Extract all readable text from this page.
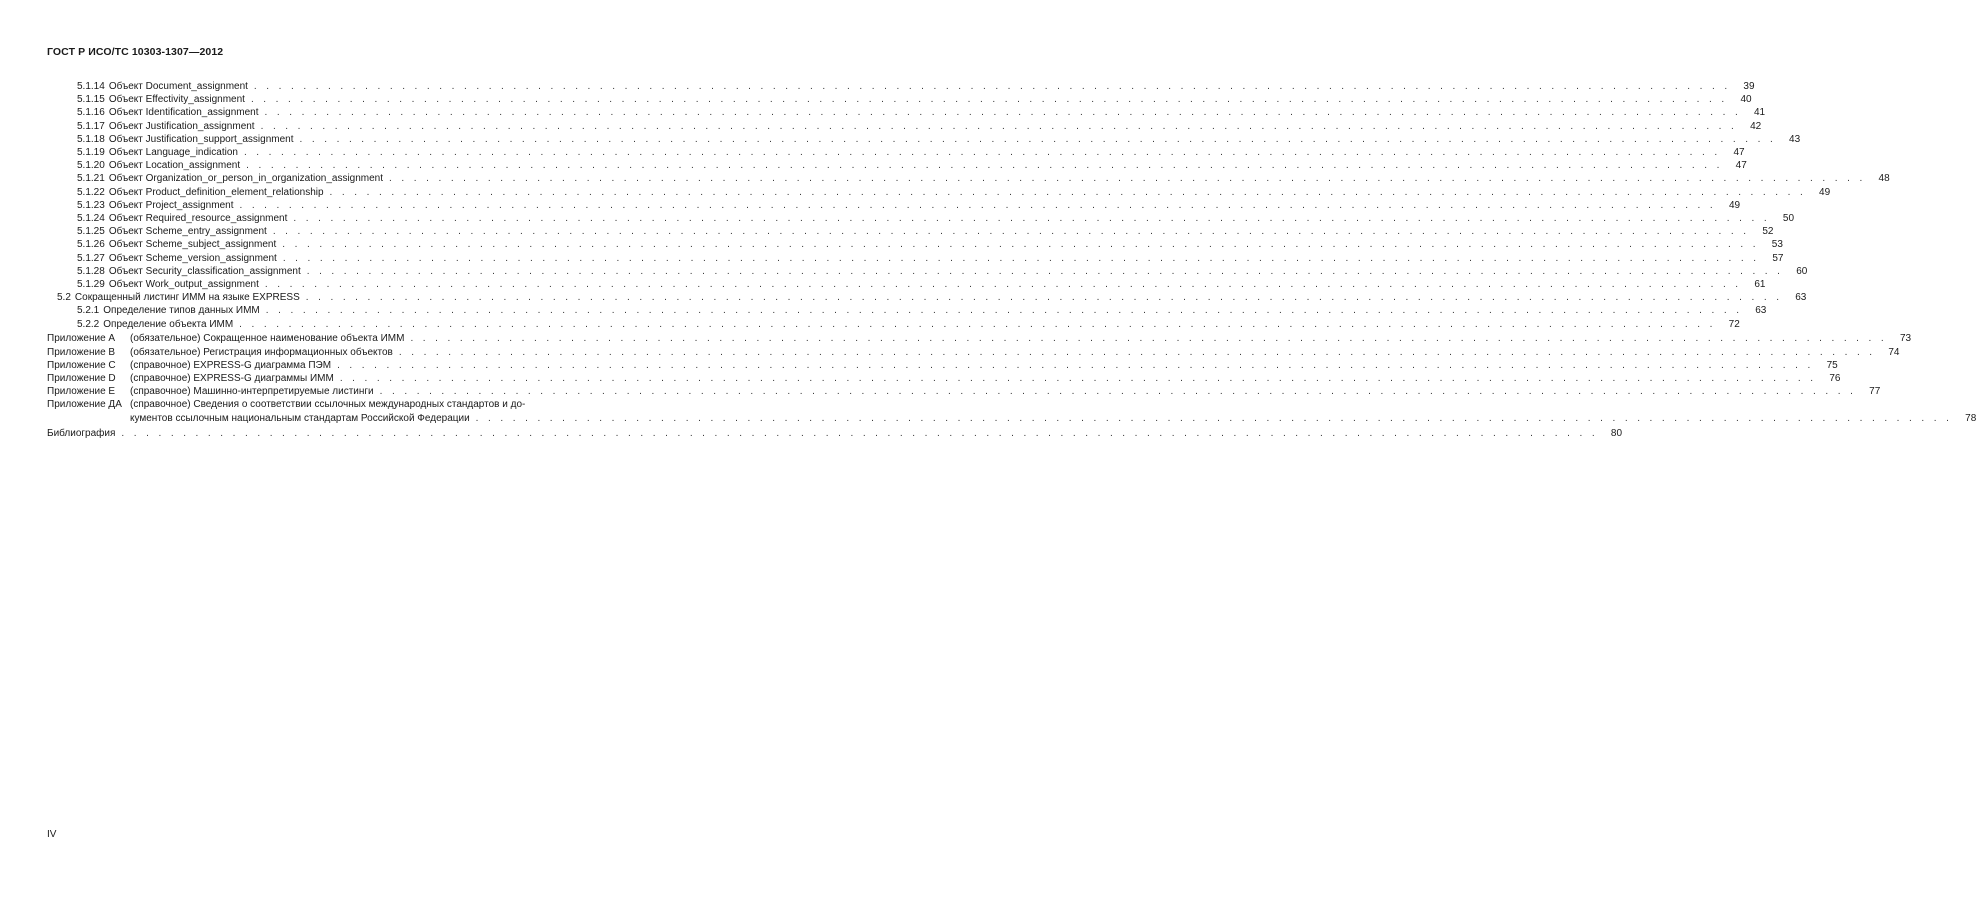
ГОСТ Р ИСО/ТС 10303-1307—2012
5.1.14 Объект Document_assignment . . . . . . . . . . . . . . . . . . . . . . . . . . . . . . . . . . . . . . . . . . . . . . . . . . . . . . . . . . . . . . . . . . . . . . . . . . . . . . . . . . . . . . . . . . . . . . . . . . . . . . . . . . . . . . . . . . . . . . . .	39
5.1.15 Объект Effectivity_assignment . . . . . . . . . . . . . . . . . . . . . . . . . . . . . . . . . . . . . . . . . . . . . . . . . . . . . . . . . . . . . . . . . . . . . . . . . . . . . . . . . . . . . . . . . . . . . . . . . . . . . . . . . . . . . . . . . . . . . . . .	40
5.1.16 Объект Identification_assignment . . . . . . . . . . . . . . . . . . . . . . . . . . . . . . . . . . . . . . . . . . . . . . . . . . . . . . . . . . . . . . . . . . . . . . . . . . . . . . . . . . . . . . . . . . . . . . . . . . . . . . . . . . . . . . . . . . . . . . . .	41
5.1.17 Объект Justification_assignment . . . . . . . . . . . . . . . . . . . . . . . . . . . . . . . . . . . . . . . . . . . . . . . . . . . . . . . . . . . . . . . . . . . . . . . . . . . . . . . . . . . . . . . . . . . . . . . . . . . . . . . . . . . . . . . . . . . . . . . .	42
5.1.18 Объект Justification_support_assignment . . . . . . . . . . . . . . . . . . . . . . . . . . . . . . . . . . . . . . . . . . . . . . . . . . . . . . . . . . . . . . . . . . . . . . . . . . . . . . . . . . . . . . . . . . . . . . . . . . . . . . . . . . . . . . . . . . . . . . . .	43
5.1.19 Объект Language_indication . . . . . . . . . . . . . . . . . . . . . . . . . . . . . . . . . . . . . . . . . . . . . . . . . . . . . . . . . . . . . . . . . . . . . . . . . . . . . . . . . . . . . . . . . . . . . . . . . . . . . . . . . . . . . . . . . . . . . . . .	47
5.1.20 Объект Location_assignment . . . . . . . . . . . . . . . . . . . . . . . . . . . . . . . . . . . . . . . . . . . . . . . . . . . . . . . . . . . . . . . . . . . . . . . . . . . . . . . . . . . . . . . . . . . . . . . . . . . . . . . . . . . . . . . . . . . . . . . .	47
5.1.21 Объект Organization_or_person_in_organization_assignment . . . . . . . . . . . . . . . . . . . . . . . . . . . . . . . . . . . . . . . . . . . . . . . . . . . . . . . . . . . . . . . . . . . . . . . . . . . . . . . . . . . . . . . . . . . . . . . . . . . . . . . . . . . . . . . . . . . . . . . .	48
5.1.22 Объект Product_definition_element_relationship . . . . . . . . . . . . . . . . . . . . . . . . . . . . . . . . . . . . . . . . . . . . . . . . . . . . . . . . . . . . . . . . . . . . . . . . . . . . . . . . . . . . . . . . . . . . . . . . . . . . . . . . . . . . . . . . . . . . . . . .	49
5.1.23 Объект Project_assignment . . . . . . . . . . . . . . . . . . . . . . . . . . . . . . . . . . . . . . . . . . . . . . . . . . . . . . . . . . . . . . . . . . . . . . . . . . . . . . . . . . . . . . . . . . . . . . . . . . . . . . . . . . . . . . . . . . . . . . . .	49
5.1.24 Объект Required_resource_assignment . . . . . . . . . . . . . . . . . . . . . . . . . . . . . . . . . . . . . . . . . . . . . . . . . . . . . . . . . . . . . . . . . . . . . . . . . . . . . . . . . . . . . . . . . . . . . . . . . . . . . . . . . . . . . . . . . . . . . . . .	50
5.1.25 Объект Scheme_entry_assignment . . . . . . . . . . . . . . . . . . . . . . . . . . . . . . . . . . . . . . . . . . . . . . . . . . . . . . . . . . . . . . . . . . . . . . . . . . . . . . . . . . . . . . . . . . . . . . . . . . . . . . . . . . . . . . . . . . . . . . . .	52
5.1.26 Объект Scheme_subject_assignment . . . . . . . . . . . . . . . . . . . . . . . . . . . . . . . . . . . . . . . . . . . . . . . . . . . . . . . . . . . . . . . . . . . . . . . . . . . . . . . . . . . . . . . . . . . . . . . . . . . . . . . . . . . . . . . . . . . . . . . .	53
5.1.27 Объект Scheme_version_assignment . . . . . . . . . . . . . . . . . . . . . . . . . . . . . . . . . . . . . . . . . . . . . . . . . . . . . . . . . . . . . . . . . . . . . . . . . . . . . . . . . . . . . . . . . . . . . . . . . . . . . . . . . . . . . . . . . . . . . . . .	57
5.1.28 Объект Security_classification_assignment . . . . . . . . . . . . . . . . . . . . . . . . . . . . . . . . . . . . . . . . . . . . . . . . . . . . . . . . . . . . . . . . . . . . . . . . . . . . . . . . . . . . . . . . . . . . . . . . . . . . . . . . . . . . . . . . . . . . . . . .	60
5.1.29 Объект Work_output_assignment . . . . . . . . . . . . . . . . . . . . . . . . . . . . . . . . . . . . . . . . . . . . . . . . . . . . . . . . . . . . . . . . . . . . . . . . . . . . . . . . . . . . . . . . . . . . . . . . . . . . . . . . . . . . . . . . . . . . . . . .	61
5.2 Сокращенный листинг ИММ на языке EXPRESS . . . . . . . . . . . . . . . . . . . . . . . . . . . . . . . . . . . . . . . . . . . . . . . . . . . . . . . . . . . . . . . . . . . . . . . . . . . . . . . . . . . . . . . . . . . . . . . . . . . . . . . . . . . . . . . . . . . . . . . .	63
5.2.1 Определение типов данных ИММ . . . . . . . . . . . . . . . . . . . . . . . . . . . . . . . . . . . . . . . . . . . . . . . . . . . . . . . . . . . . . . . . . . . . . . . . . . . . . . . . . . . . . . . . . . . . . . . . . . . . . . . . . . . . . . . . . . . . . . . .	63
5.2.2 Определение объекта ИММ . . . . . . . . . . . . . . . . . . . . . . . . . . . . . . . . . . . . . . . . . . . . . . . . . . . . . . . . . . . . . . . . . . . . . . . . . . . . . . . . . . . . . . . . . . . . . . . . . . . . . . . . . . . . . . . . . . . . . . . .	72
Приложение A	(обязательное) Сокращенное наименование объекта ИММ . . . . . . . . . . . . . . . . . . . . . . . . . . . . . . . . . . . . . . . . . . . . . . . . . . . . . . . . . . . . . . . . . . . . . . . . . . . . . . . . . . . . . . . . . . . . . . . . . . . . . . . . . . . . . . . . . . . . . . . .	73
Приложение B	(обязательное) Регистрация информационных объектов . . . . . . . . . . . . . . . . . . . . . . . . . . . . . . . . . . . . . . . . . . . . . . . . . . . . . . . . . . . . . . . . . . . . . . . . . . . . . . . . . . . . . . . . . . . . . . . . . . . . . . . . . . . . . . . . . . . . . . . .	74
Приложение C	(справочное) EXPRESS-G диаграмма ПЭМ . . . . . . . . . . . . . . . . . . . . . . . . . . . . . . . . . . . . . . . . . . . . . . . . . . . . . . . . . . . . . . . . . . . . . . . . . . . . . . . . . . . . . . . . . . . . . . . . . . . . . . . . . . . . . . . . . . . . . . . .	75
Приложение D	(справочное) EXPRESS-G диаграммы ИММ . . . . . . . . . . . . . . . . . . . . . . . . . . . . . . . . . . . . . . . . . . . . . . . . . . . . . . . . . . . . . . . . . . . . . . . . . . . . . . . . . . . . . . . . . . . . . . . . . . . . . . . . . . . . . . . . . . . . . . . .	76
Приложение E	(справочное) Машинно-интерпретируемые листинги . . . . . . . . . . . . . . . . . . . . . . . . . . . . . . . . . . . . . . . . . . . . . . . . . . . . . . . . . . . . . . . . . . . . . . . . . . . . . . . . . . . . . . . . . . . . . . . . . . . . . . . . . . . . . . . . . . . . . . . .	77
Приложение ДА (справочное) Сведения о соответствии ссылочных международных стандартов и до-
кументов ссылочным национальным стандартам Российской Федерации . . . . . . . . . . . . . . . . . . . . . . . . . . . . . . . . . . . . . . . . . . . . . . . . . . . . . . . . . . . . . . . . . . . . . . . . . . . . . . . . . . . . . . . . . . . . . . . . . . . . . . . . . . . . . . . . . . . . . . . .	78
Библиография . . . . . . . . . . . . . . . . . . . . . . . . . . . . . . . . . . . . . . . . . . . . . . . . . . . . . . . . . . . . . . . . . . . . . . . . . . . . . . . . . . . . . . . . . . . . . . . . . . . . . . . . . . . . . . . . . . . . . . . .	80
IV
